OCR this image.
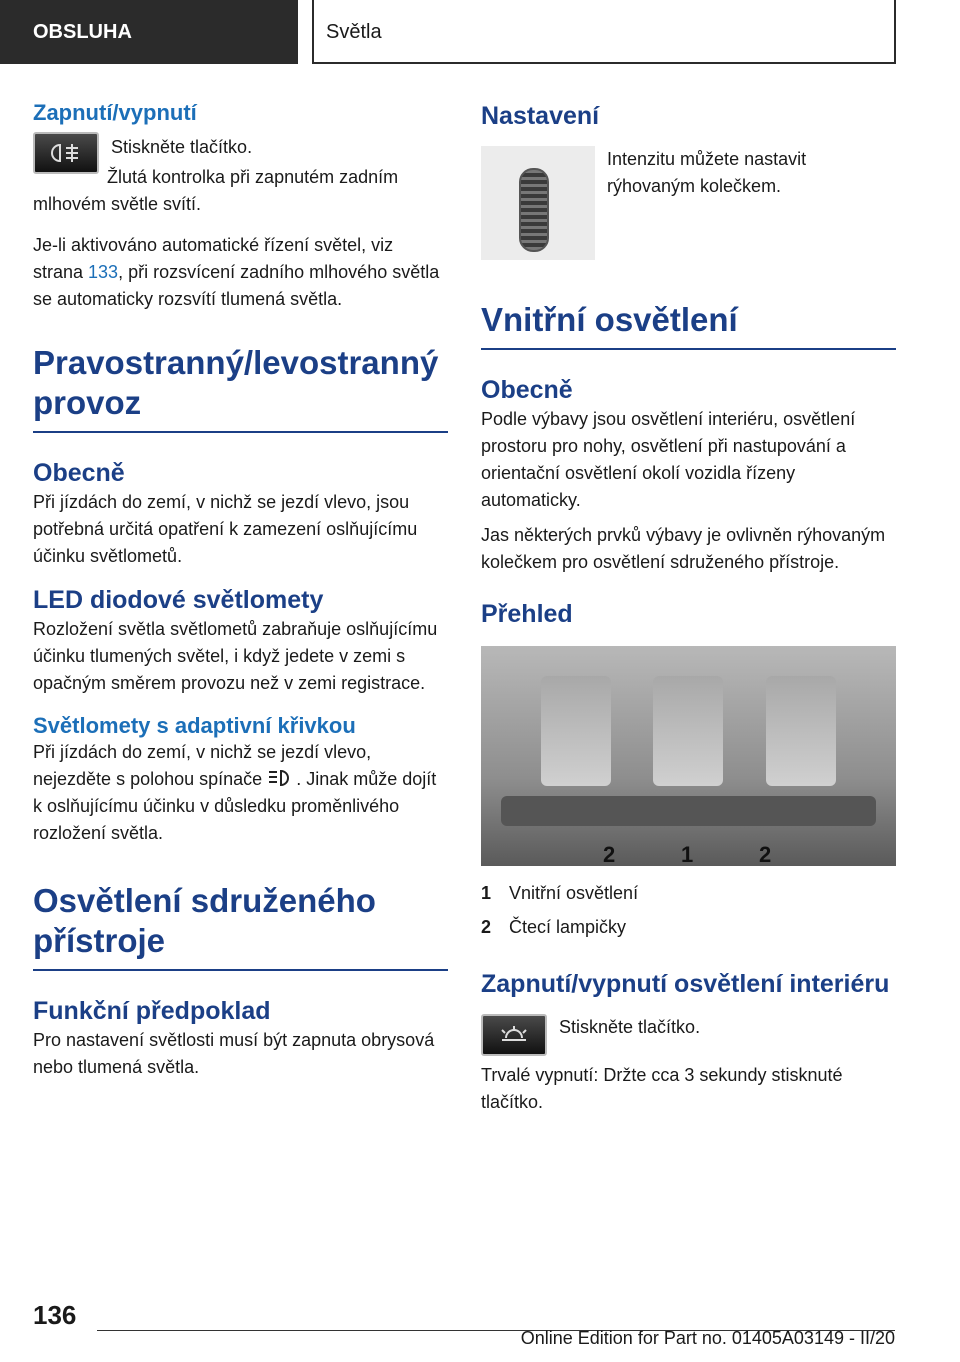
OBSLUHA	Světla
Zapnutí/vypnutí

Stiskněte tlačítko.

Žlutá kontrolka při zapnutém zadním mlhovém světle svítí.

Je-li aktivováno automatické řízení světel, viz strana 133, při rozsvícení zadního mlhového světla se automaticky rozsvítí tlumená světla.

Pravostranný/levostranný provoz
Obecně

Při jízdách do zemí, v nichž se jezdí vlevo, jsou potřebná určitá opatření k zamezení oslňujícímu účinku světlometů.

LED diodové světlomety

Rozložení světla světlometů zabraňuje oslňujícímu účinku tlumených světel, i když jedete v zemi s opačným směrem provozu než v zemi registrace.

Světlomety s adaptivní křivkou

Při jízdách do zemí, v nichž se jezdí vlevo, nejezděte s polohou spínače  . Jinak může dojít k oslňujícímu účinku v důsledku proměnlivého rozložení světla.

Osvětlení sdruženého přístroje
Funkční předpoklad

Pro nastavení světlosti musí být zapnuta obrysová nebo tlumená světla.

Nastavení

Intenzitu můžete nastavit rýhovaným kolečkem.

Vnitřní osvětlení
Obecně

Podle výbavy jsou osvětlení interiéru, osvětlení prostoru pro nohy, osvětlení při nastupování a orientační osvětlení okolí vozidla řízeny automaticky.

Jas některých prvků výbavy je ovlivněn rýhovaným kolečkem pro osvětlení sdruženého přístroje.

Přehled
2	1	2
1 Vnitřní osvětlení
2 Čtecí lampičky
Zapnutí/vypnutí osvětlení interiéru

Stiskněte tlačítko.

Trvalé vypnutí: Držte cca 3 sekundy stisknuté tlačítko.

136
Online Edition for Part no. 01405A03149 - II/20
